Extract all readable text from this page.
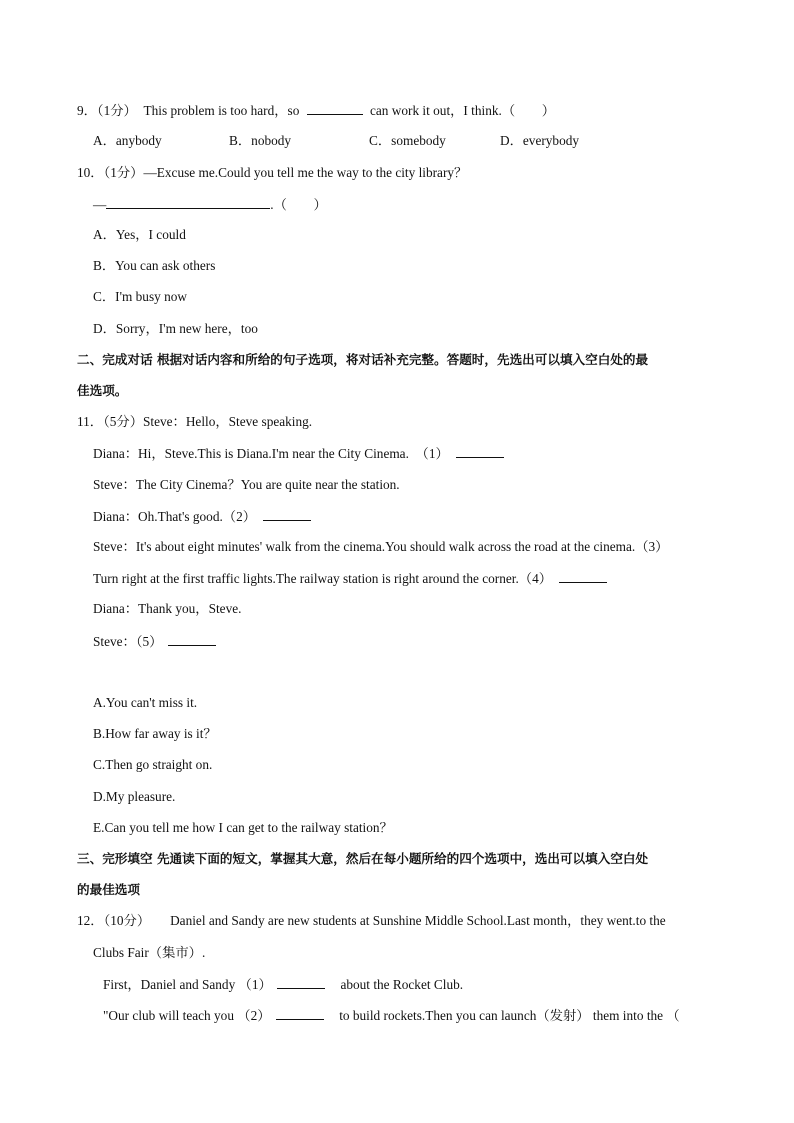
9．（1分）　This problem is too hard，so	can work it out，I think.（　　）
A．anybody	B．nobody	C．somebody	D．everybody
10．（1分）—Excuse me.Could you tell me the way to the city library？
—	.（　　）
A．Yes，I could
B．You can ask others
C．I'm busy now
D．Sorry，I'm new here，too
二、完成对话 根据对话内容和所给的句子选项，将对话补充完整。答题时，先选出可以填入空白处的最
佳选项。
11．（5分）Steve：Hello，Steve speaking.
Diana：Hi，Steve.This is Diana.I'm near the City Cinema.　（1）
Steve：The City Cinema？You are quite near the station.
Diana：Oh.That's good.（2）
Steve：It's about eight minutes' walk from the cinema.You should walk across the road at the cinema.（3）
Turn right at the first traffic lights.The railway station is right around the corner.（4）
Diana：Thank you，Steve.
Steve：（5）
A.You can't miss it.
B.How far away is it？
C.Then go straight on.
D.My pleasure.
E.Can you tell me how I can get to the railway station？
三、完形填空 先通读下面的短文，掌握其大意，然后在每小题所给的四个选项中，选出可以填入空白处
的最佳选项
12．（10分）　　Daniel and Sandy are new students at Sunshine Middle School.Last month，they went.to the
Clubs Fair（集市）.
First，Daniel and Sandy （1）	about the Rocket Club.
"Our club will teach you （2）	to build rockets.Then you can launch（发射） them into the （
